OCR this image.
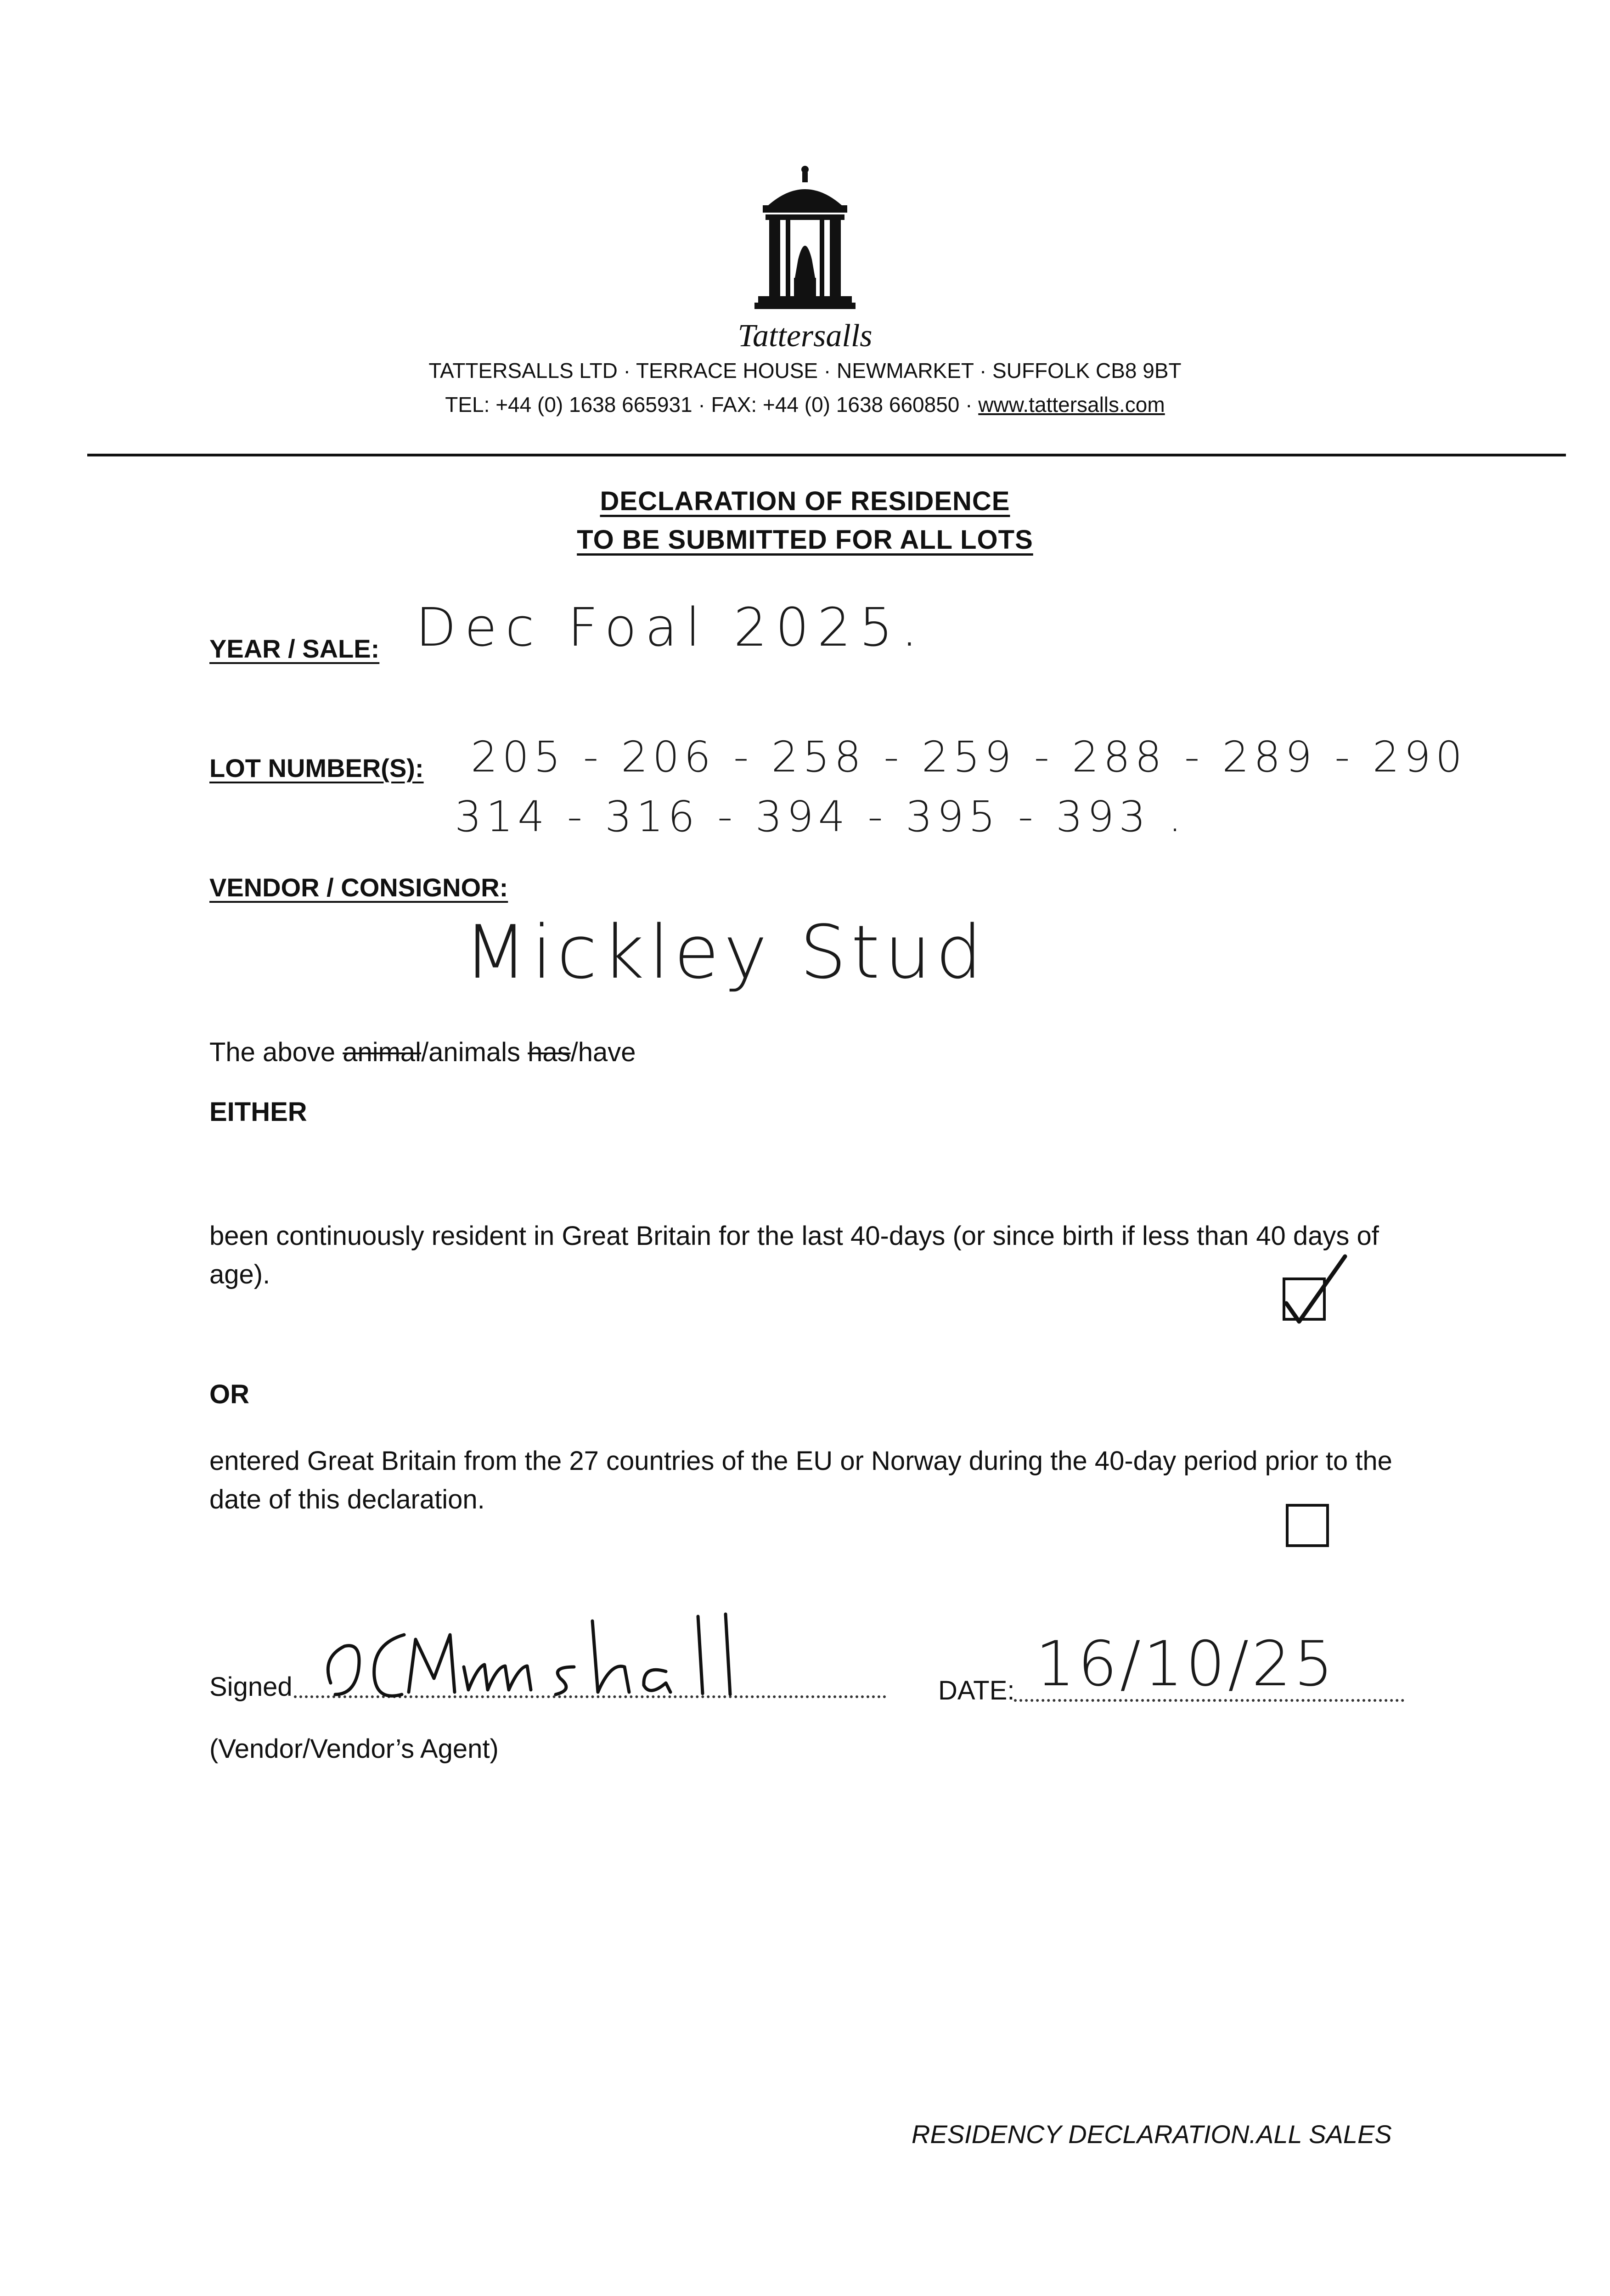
Tattersalls
TATTERSALLS LTD · TERRACE HOUSE · NEWMARKET · SUFFOLK CB8 9BT
TEL: +44 (0) 1638 665931 · FAX: +44 (0) 1638 660850 · www.tattersalls.com
DECLARATION OF RESIDENCE
TO BE SUBMITTED FOR ALL LOTS
YEAR / SALE: Dec Foal 2025.
LOT NUMBER(S): 205 - 206 - 258 - 259 - 288 - 289 - 290
314 - 316 - 394 - 395 - 393 .
VENDOR / CONSIGNOR:
Mickley Stud
The above animal/animals has/have
EITHER
been continuously resident in Great Britain for the last 40-days (or since birth if less than 40 days of age).
OR
entered Great Britain from the 27 countries of the EU or Norway during the 40-day period prior to the date of this declaration.
Signed	DATE: 16/10/25
(Vendor/Vendor’s Agent)
RESIDENCY DECLARATION.ALL SALES
